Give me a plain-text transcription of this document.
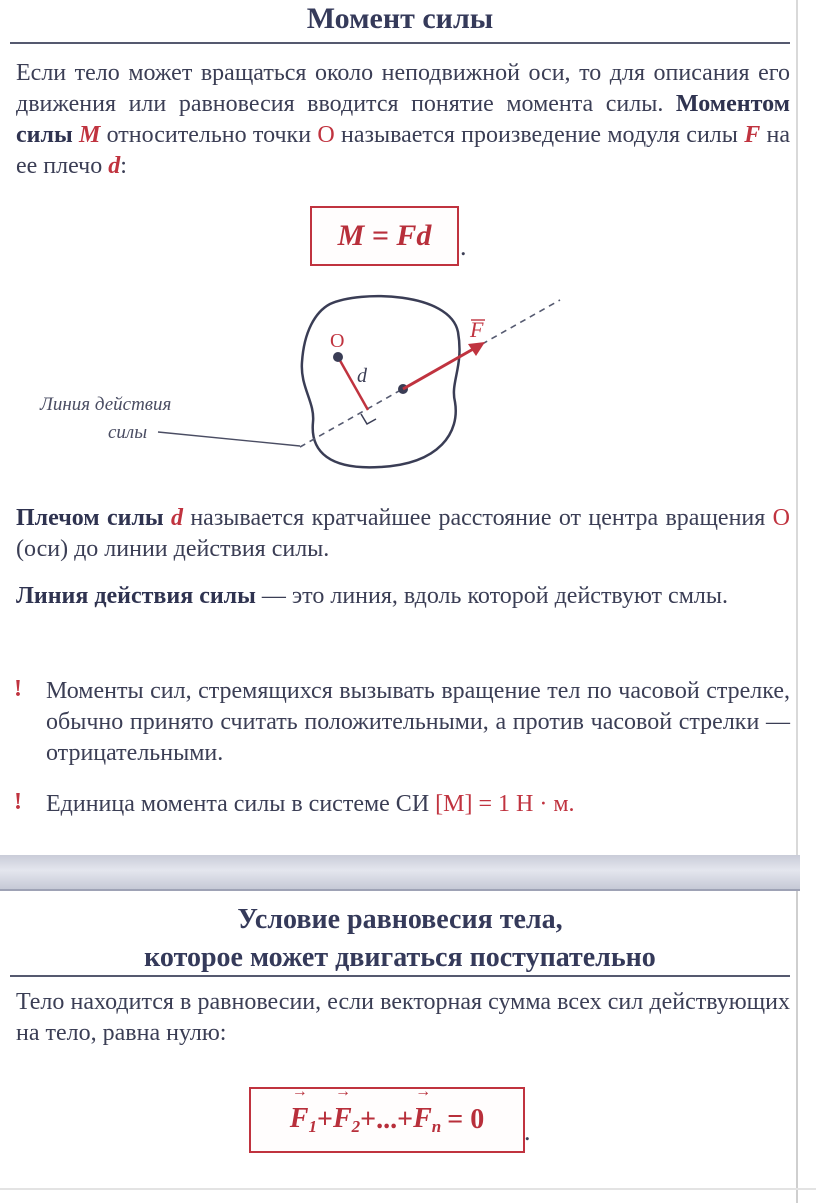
Момент силы
Если тело может вращаться около неподвижной оси, то для описания его движения или равновесия вводится понятие момента силы. Моментом силы M относительно точки O называется произведение модуля силы F на ее плечо d:
M = Fd .
O
d
F
Линия действия
силы
Плечом силы d называется кратчайшее расстояние от центра вращения O (оси) до линии действия силы.
Линия действия силы — это линия, вдоль которой действуют смлы.
! Моменты сил, стремящихся вызывать вращение тел по часовой стрелке, обычно принято считать положительными, а против часовой стрелки — отрицательными.
! Единица момента силы в системе СИ [M] = 1 Н · м.
Условие равновесия тела,
которое может двигаться поступательно
Тело находится в равновесии, если векторная сумма всех сил действующих на тело, равна нулю:
→ $F_1$ + → $F_2$ + ... + → $F_n = 0$ .
